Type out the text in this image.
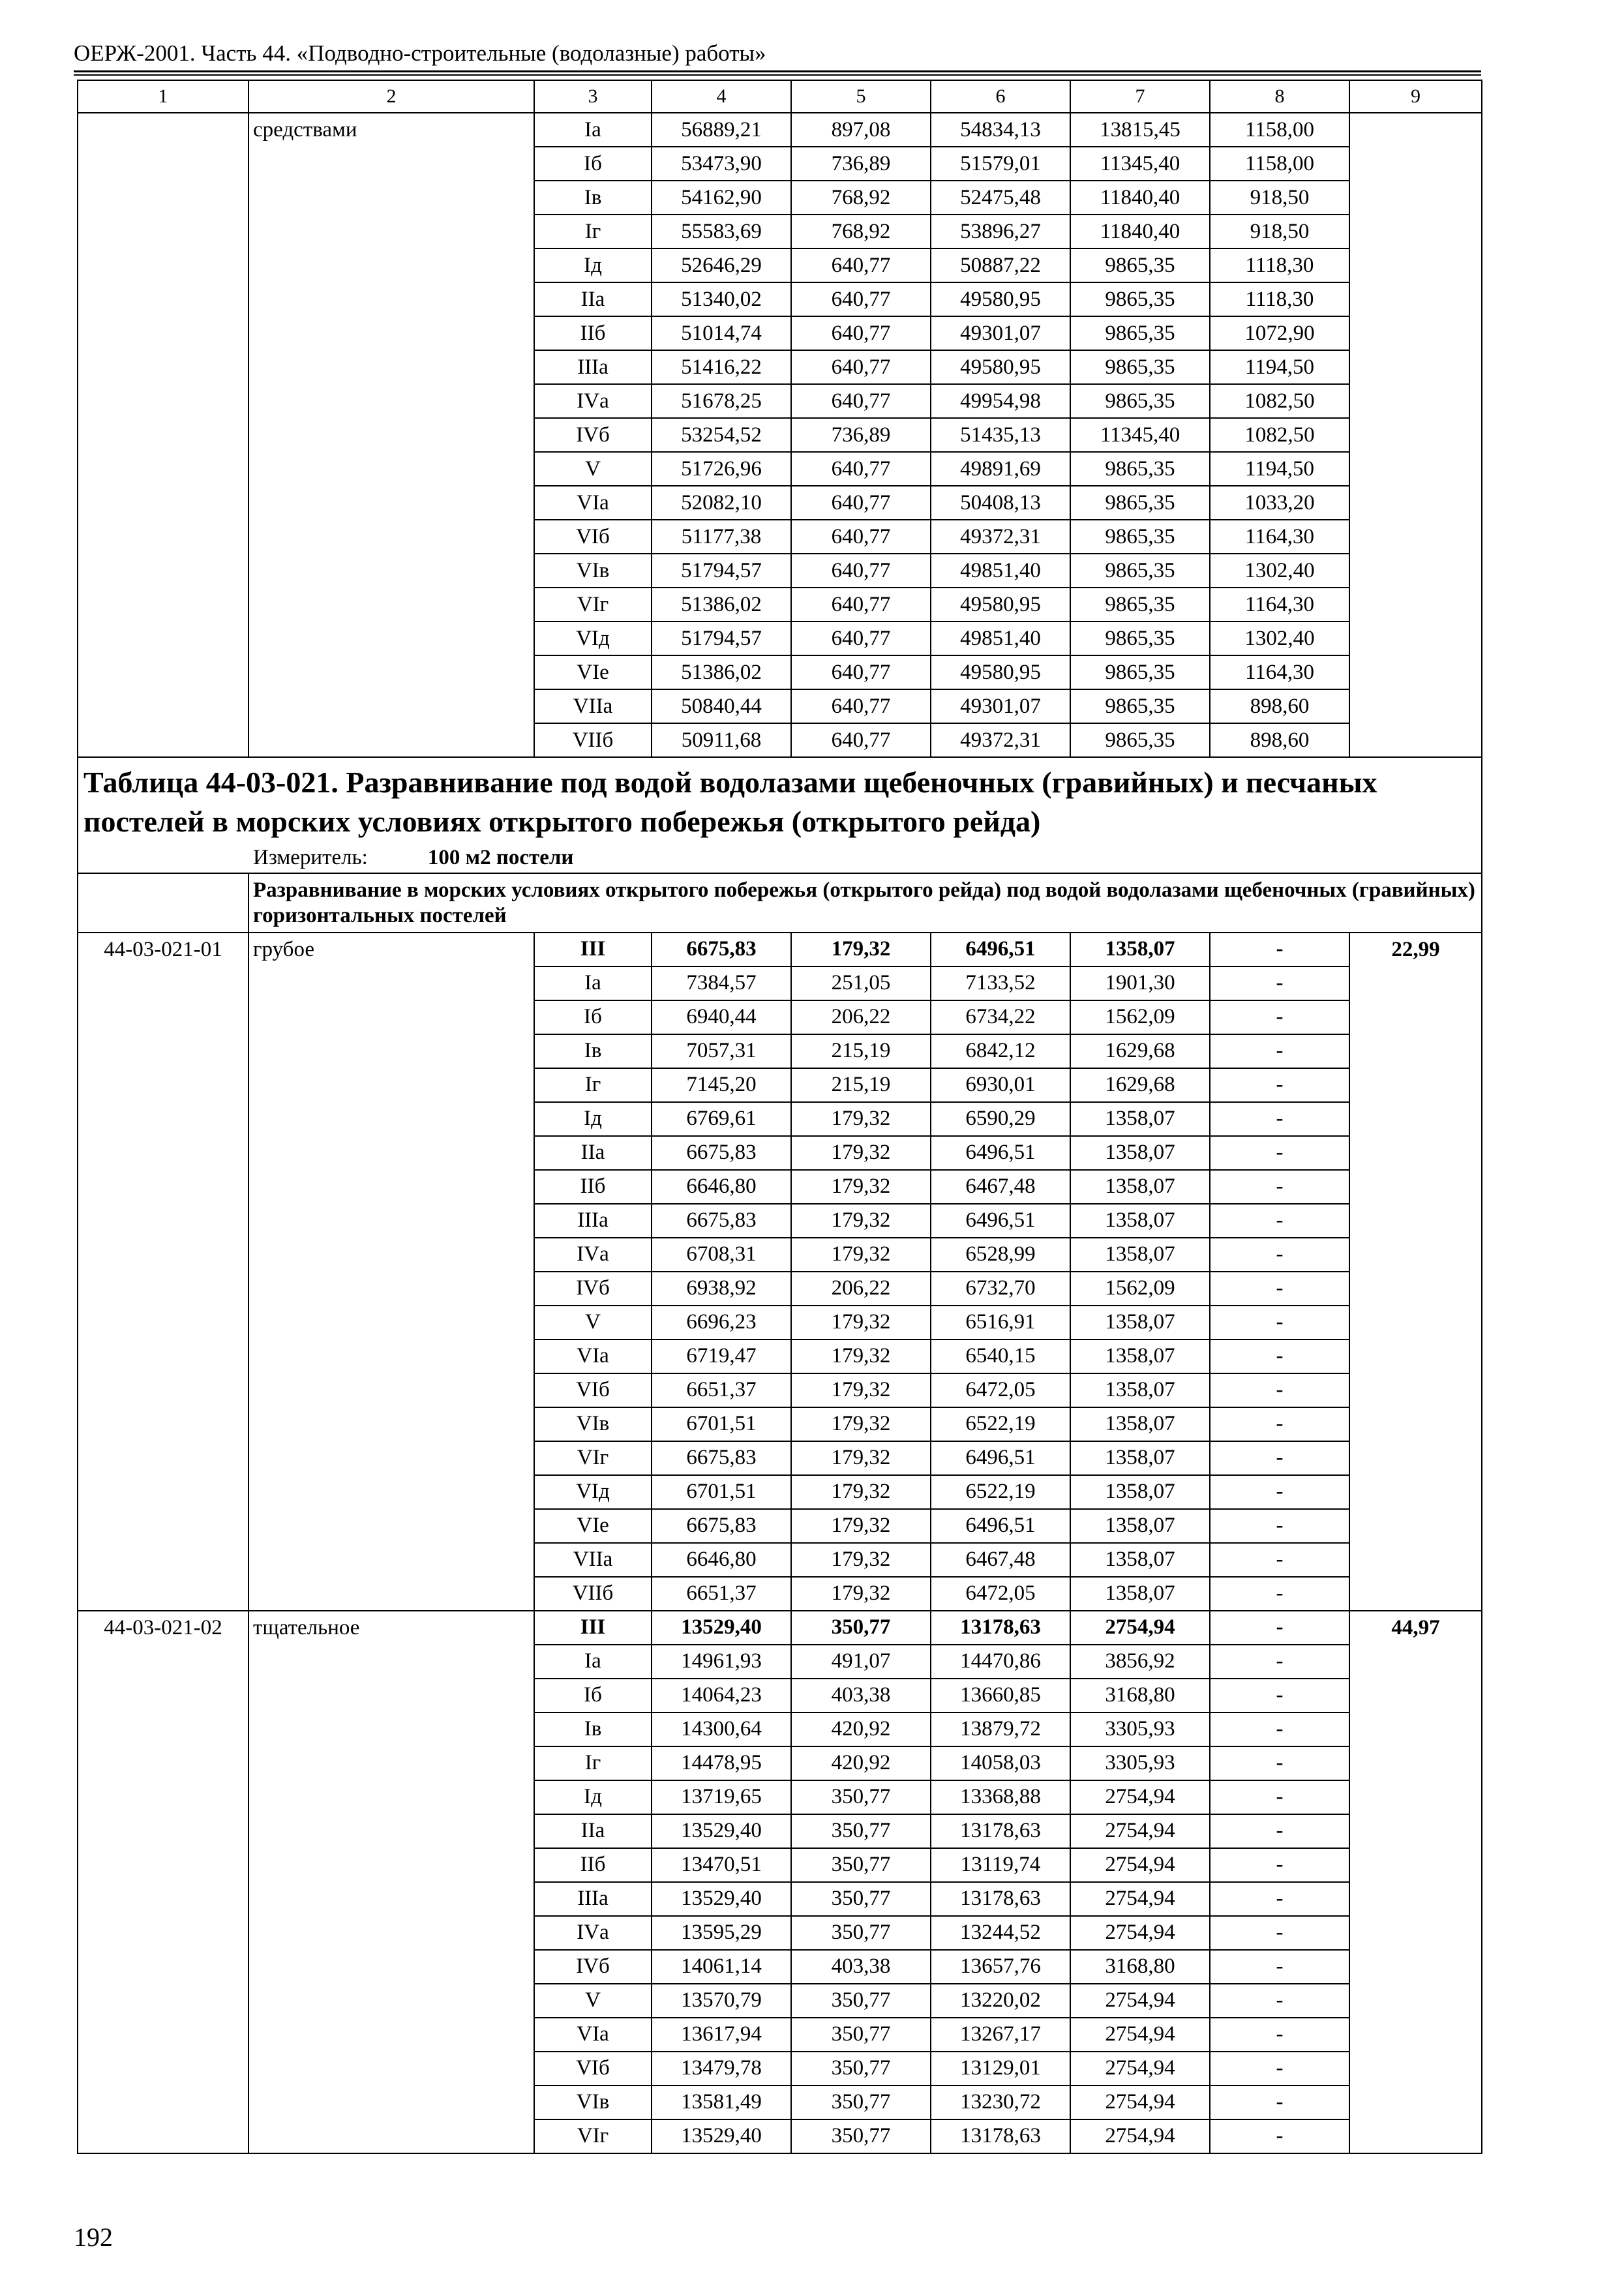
ОЕРЖ-2001. Часть 44. «Подводно-строительные (водолазные) работы»
1	2	3	4	5	6	7	8	9
	средствами	Iа	56889,21	897,08	54834,13	13815,45	1158,00	
		Iб	53473,90	736,89	51579,01	11345,40	1158,00	
		Iв	54162,90	768,92	52475,48	11840,40	918,50	
		Iг	55583,69	768,92	53896,27	11840,40	918,50	
		Iд	52646,29	640,77	50887,22	9865,35	1118,30	
		IIа	51340,02	640,77	49580,95	9865,35	1118,30	
		IIб	51014,74	640,77	49301,07	9865,35	1072,90	
		IIIа	51416,22	640,77	49580,95	9865,35	1194,50	
		IVа	51678,25	640,77	49954,98	9865,35	1082,50	
		IVб	53254,52	736,89	51435,13	11345,40	1082,50	
		V	51726,96	640,77	49891,69	9865,35	1194,50	
		VIа	52082,10	640,77	50408,13	9865,35	1033,20	
		VIб	51177,38	640,77	49372,31	9865,35	1164,30	
		VIв	51794,57	640,77	49851,40	9865,35	1302,40	
		VIг	51386,02	640,77	49580,95	9865,35	1164,30	
		VIд	51794,57	640,77	49851,40	9865,35	1302,40	
		VIе	51386,02	640,77	49580,95	9865,35	1164,30	
		VIIа	50840,44	640,77	49301,07	9865,35	898,60	
		VIIб	50911,68	640,77	49372,31	9865,35	898,60	
Таблица 44-03-021. Разравнивание под водой водолазами щебеночных (гравийных) и песчаных постелей в морских условиях открытого побережья (открытого рейда)								
Измеритель: 100 м2 постели								
	Разравнивание в морских условиях открытого побережья (открытого рейда) под водой водолазами щебеночных (гравийных) горизонтальных постелей							
44-03-021-01	грубое	III	6675,83	179,32	6496,51	1358,07	-	22,99
		Iа	7384,57	251,05	7133,52	1901,30	-	
		Iб	6940,44	206,22	6734,22	1562,09	-	
		Iв	7057,31	215,19	6842,12	1629,68	-	
		Iг	7145,20	215,19	6930,01	1629,68	-	
		Iд	6769,61	179,32	6590,29	1358,07	-	
		IIа	6675,83	179,32	6496,51	1358,07	-	
		IIб	6646,80	179,32	6467,48	1358,07	-	
		IIIа	6675,83	179,32	6496,51	1358,07	-	
		IVа	6708,31	179,32	6528,99	1358,07	-	
		IVб	6938,92	206,22	6732,70	1562,09	-	
		V	6696,23	179,32	6516,91	1358,07	-	
		VIа	6719,47	179,32	6540,15	1358,07	-	
		VIб	6651,37	179,32	6472,05	1358,07	-	
		VIв	6701,51	179,32	6522,19	1358,07	-	
		VIг	6675,83	179,32	6496,51	1358,07	-	
		VIд	6701,51	179,32	6522,19	1358,07	-	
		VIе	6675,83	179,32	6496,51	1358,07	-	
		VIIа	6646,80	179,32	6467,48	1358,07	-	
		VIIб	6651,37	179,32	6472,05	1358,07	-	
44-03-021-02	тщательное	III	13529,40	350,77	13178,63	2754,94	-	44,97
		Iа	14961,93	491,07	14470,86	3856,92	-	
		Iб	14064,23	403,38	13660,85	3168,80	-	
		Iв	14300,64	420,92	13879,72	3305,93	-	
		Iг	14478,95	420,92	14058,03	3305,93	-	
		Iд	13719,65	350,77	13368,88	2754,94	-	
		IIа	13529,40	350,77	13178,63	2754,94	-	
		IIб	13470,51	350,77	13119,74	2754,94	-	
		IIIа	13529,40	350,77	13178,63	2754,94	-	
		IVа	13595,29	350,77	13244,52	2754,94	-	
		IVб	14061,14	403,38	13657,76	3168,80	-	
		V	13570,79	350,77	13220,02	2754,94	-	
		VIа	13617,94	350,77	13267,17	2754,94	-	
		VIб	13479,78	350,77	13129,01	2754,94	-	
		VIв	13581,49	350,77	13230,72	2754,94	-	
		VIг	13529,40	350,77	13178,63	2754,94	-	
192
